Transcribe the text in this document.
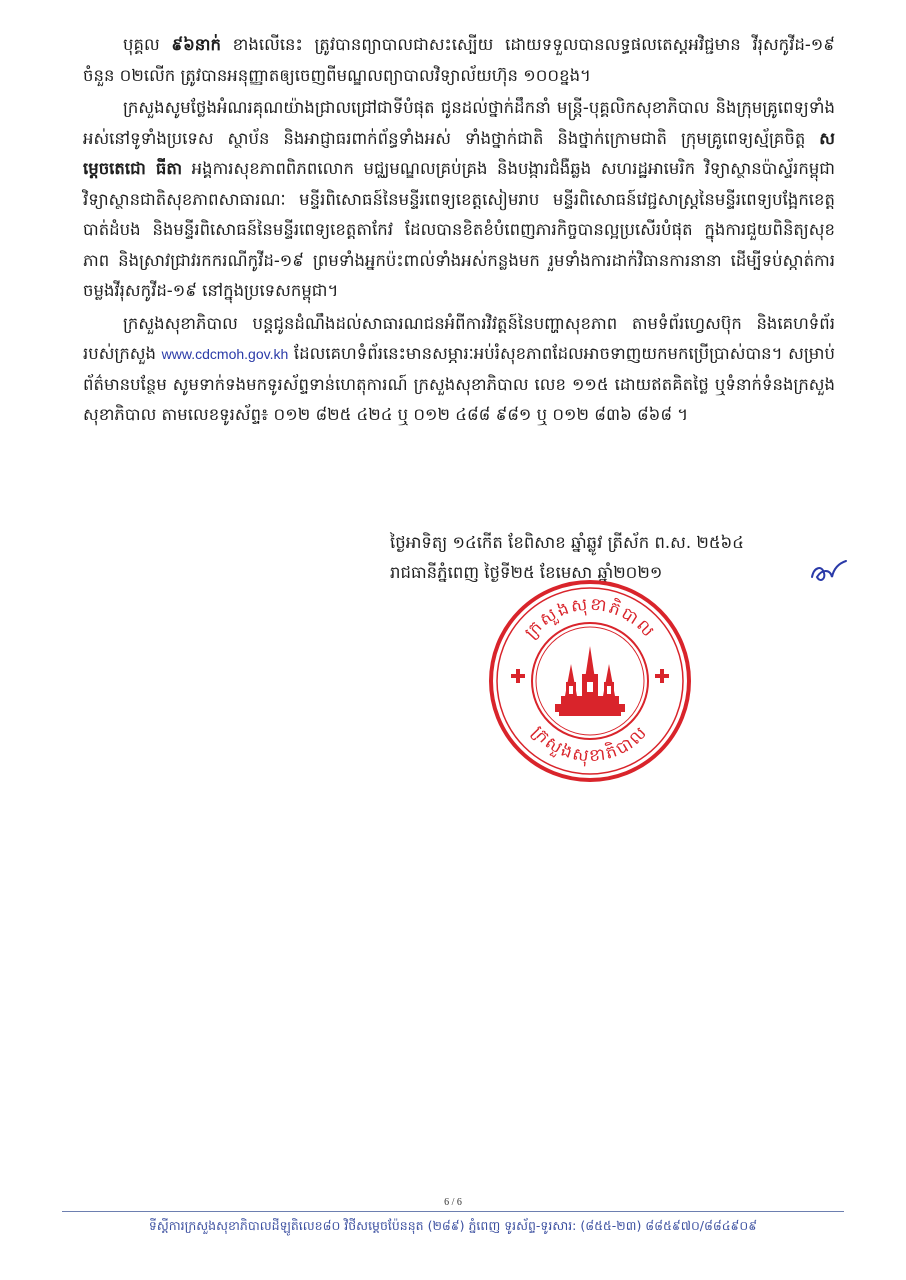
បុគ្គល ៩៦នាក់ ខាងលើនេះ ត្រូវបានព្យាបាលជាសះស្បើយ ដោយទទួលបានលទ្ធផលតេស្តអវិជ្ជមាន វីរុសកូវីដ-១៩ ចំនួន ០២លើក ត្រូវបានអនុញ្ញាតឲ្យចេញពីមណ្ឌលព្យាបាលវិទ្យាល័យហ៊ុន ១០០ខ្នង។

ក្រសួងសូមថ្លែងអំណរគុណយ៉ាងជ្រាលជ្រៅជាទីបំផុត ជូនដល់ថ្នាក់ដឹកនាំ មន្ត្រី-បុគ្គលិកសុខាភិបាល និងក្រុមគ្រូពេទ្យទាំងអស់នៅទូទាំងប្រទេស ស្ថាប័ន និងអាជ្ញាធរពាក់ព័ន្ធទាំងអស់ ទាំងថ្នាក់ជាតិ និងថ្នាក់ក្រោមជាតិ ក្រុមគ្រូពេទ្យស្ម័គ្រចិត្ត សម្តេចតេជោ ធីតា អង្គការសុខភាពពិភពលោក មជ្ឈមណ្ឌលគ្រប់គ្រង និងបង្ការជំងឺឆ្លង សហរដ្ឋអាមេរិក វិទ្យាស្ថានប៉ាស្ទ័រកម្ពុជា វិទ្យាស្ថានជាតិសុខភាពសាធារណៈ មន្ទីរពិសោធន៍នៃមន្ទីរពេទ្យខេត្តសៀមរាប មន្ទីរពិសោធន៍វេជ្ជសាស្ត្រនៃមន្ទីរពេទ្យបង្អែកខេត្តបាត់ដំបង និងមន្ទីរពិសោធន៍នៃមន្ទីរពេទ្យខេត្តតាកែវ ដែលបានខិតខំបំពេញភារកិច្ចបានល្អប្រសើរបំផុត ក្នុងការជួយពិនិត្យសុខភាព និងស្រាវជ្រាវរកករណីកូវីដ-១៩ ព្រមទាំងអ្នកប៉ះពាល់ទាំងអស់កន្លងមក រួមទាំងការដាក់វិធានការនានា ដើម្បីទប់ស្កាត់ការចម្លងវីរុសកូវីដ-១៩ នៅក្នុងប្រទេសកម្ពុជា។

ក្រសួងសុខាភិបាល បន្តជូនដំណឹងដល់សាធារណជនអំពីការវិវត្តន៍នៃបញ្ហាសុខភាព តាមទំព័រហ្វេសប៊ុក និងគេហទំព័ររបស់ក្រសួង www.cdcmoh.gov.kh ដែលគេហទំព័រនេះមានសម្ភារៈអប់រំសុខភាពដែលអាចទាញយកមកប្រើប្រាស់បាន។ សម្រាប់ព័ត៌មានបន្ថែម សូមទាក់ទងមកទូរស័ព្ទទាន់ហេតុការណ៍ ក្រសួងសុខាភិបាល លេខ ១១៥ ដោយឥតគិតថ្លៃ ឬទំនាក់ទំនងក្រសួងសុខាភិបាល តាមលេខទូរស័ព្ទ៖ ០១២ ៨២៥ ៤២៤ ឬ ០១២ ៤៨៨ ៩៨១ ឬ ០១២ ៨៣៦ ៨៦៨ ។

ថ្ងៃអាទិត្យ ១៤កើត ខែពិសាខ ឆ្នាំឆ្លូវ ត្រីស័ក ព.ស. ២៥៦៤
រាជធានីភ្នំពេញ ថ្ងៃទី២៥ ខែមេសា ឆ្នាំ២០២១
ក្រសួងសុខាភិបាល
ក្រសួងសុខាភិបាល
6 / 6
ទីស្តីការក្រសួងសុខាភិបាលដីឡូតិលេខ៨០ វិថីសម្តេចប៉ែននុត (២៨៩) ភ្នំពេញ ទូរស័ព្ទ-ទូរសារ: (៨៥៥-២៣) ៨៨៥៩៧០/៨៨៤៩០៩
